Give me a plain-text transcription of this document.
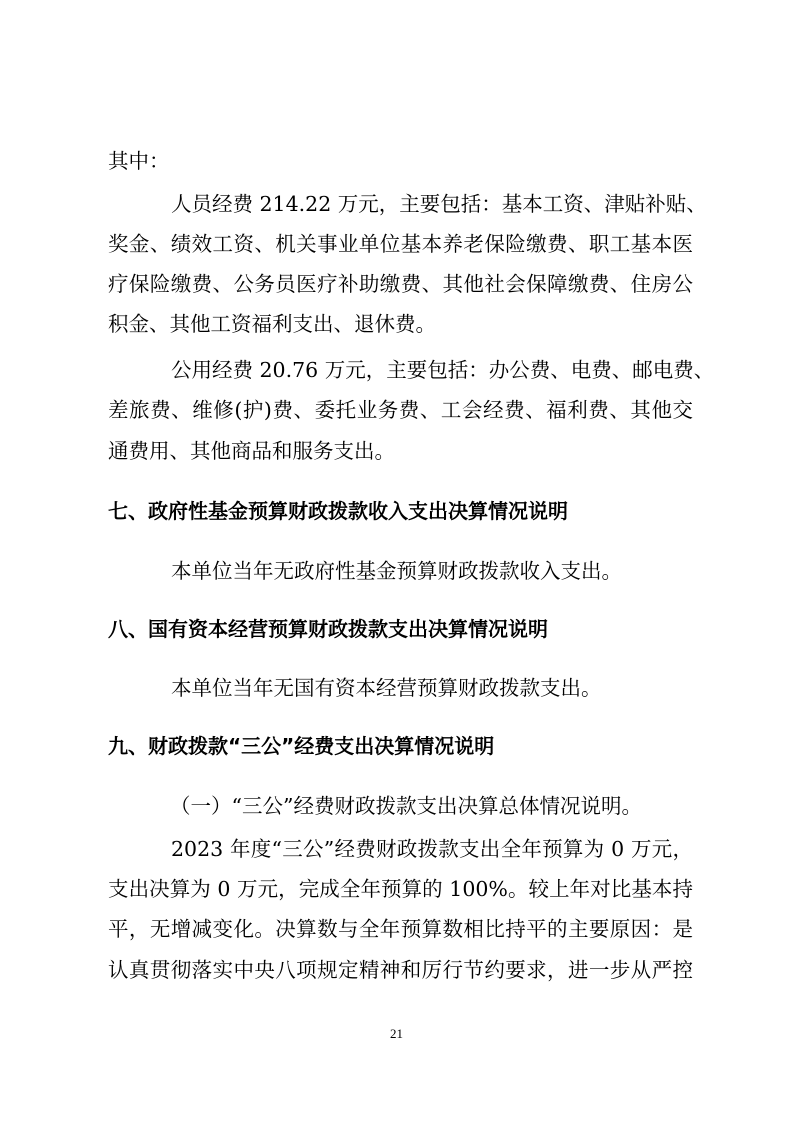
其中：
人员经费 214.22 万元，主要包括：基本工资、津贴补贴、
奖金、绩效工资、机关事业单位基本养老保险缴费、职工基本医
疗保险缴费、公务员医疗补助缴费、其他社会保障缴费、住房公
积金、其他工资福利支出、退休费。
公用经费 20.76 万元，主要包括：办公费、电费、邮电费、
差旅费、维修(护)费、委托业务费、工会经费、福利费、其他交
通费用、其他商品和服务支出。
七、政府性基金预算财政拨款收入支出决算情况说明
本单位当年无政府性基金预算财政拨款收入支出。
八、国有资本经营预算财政拨款支出决算情况说明
本单位当年无国有资本经营预算财政拨款支出。
九、财政拨款“三公”经费支出决算情况说明
（一）“三公”经费财政拨款支出决算总体情况说明。
2023 年度“三公”经费财政拨款支出全年预算为 0 万元，
支出决算为 0 万元，完成全年预算的 100%。较上年对比基本持
平，无增减变化。决算数与全年预算数相比持平的主要原因：是
认真贯彻落实中央八项规定精神和厉行节约要求，进一步从严控
21
